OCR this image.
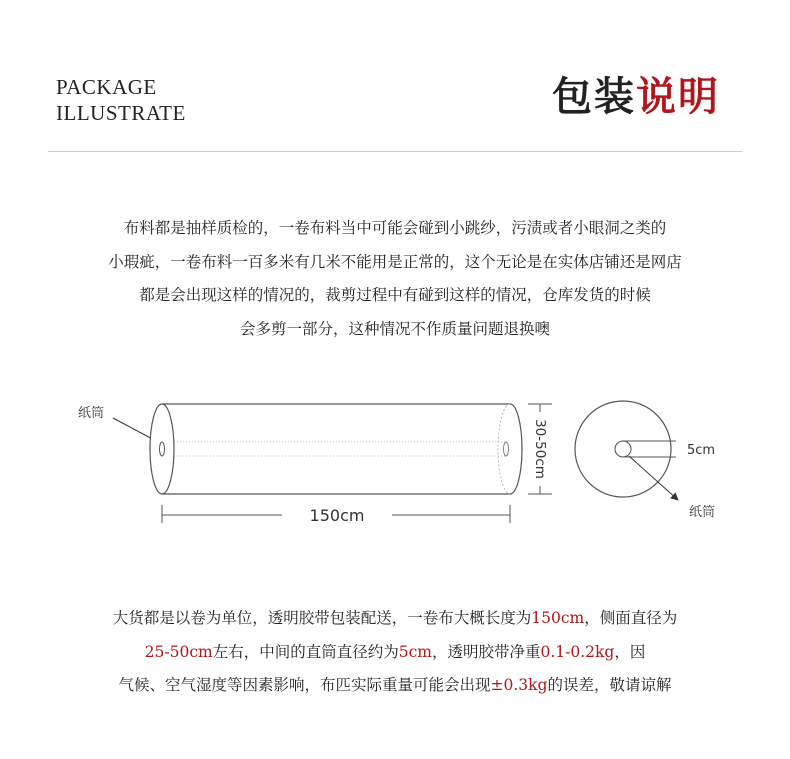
PACKAGE
ILLUSTRATE	包装说明
布料都是抽样质检的，一卷布料当中可能会碰到小跳纱，污渍或者小眼洞之类的
小瑕疵，一卷布料一百多米有几米不能用是正常的，这个无论是在实体店铺还是网店
都是会出现这样的情况的，裁剪过程中有碰到这样的情况，仓库发货的时候
会多剪一部分，这种情况不作质量问题退换噢
纸筒
150cm
30-50cm	5cm
纸筒
大货都是以卷为单位，透明胶带包装配送，一卷布大概长度为150cm，侧面直径为
25-50cm左右，中间的直筒直径约为5cm，透明胶带净重0.1-0.2kg，因
气候、空气湿度等因素影响，布匹实际重量可能会出现±0.3kg的误差，敬请谅解
